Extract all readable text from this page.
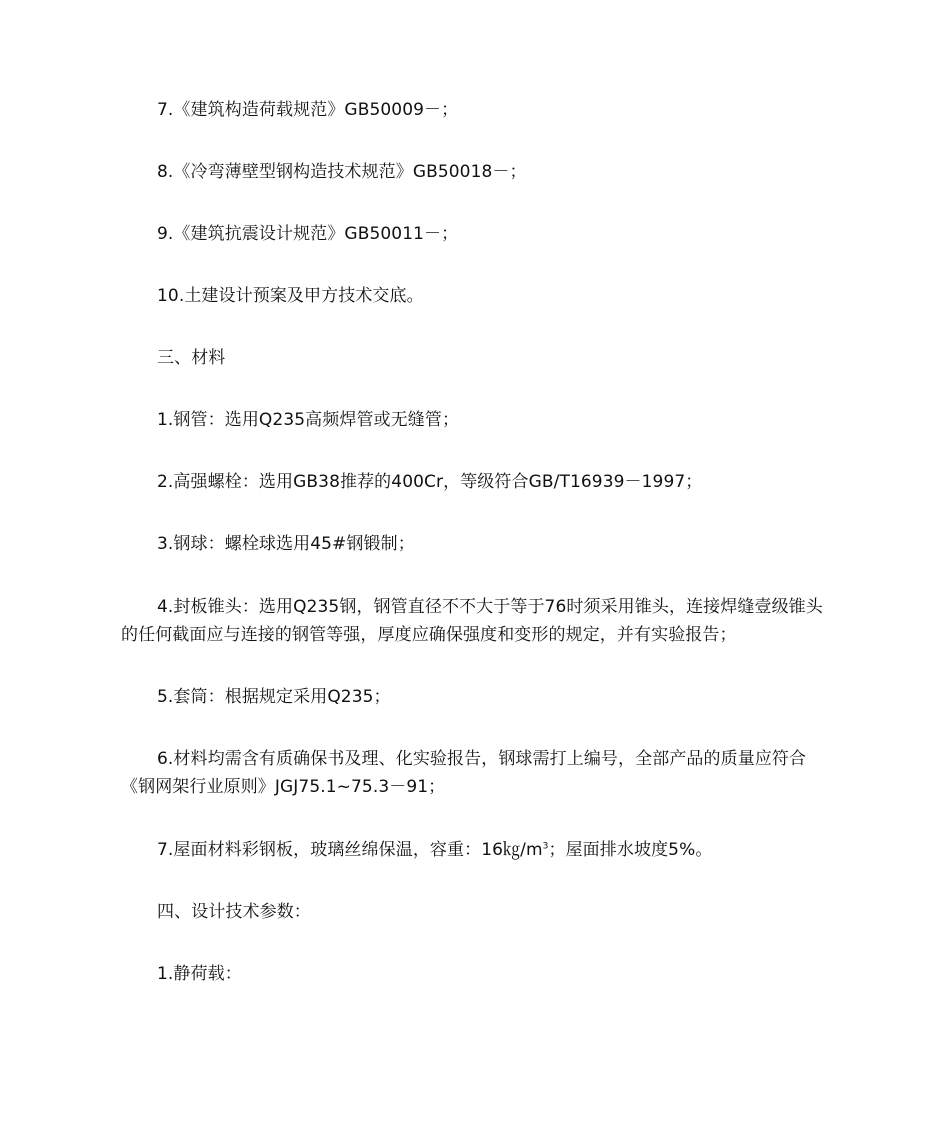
7.《建筑构造荷载规范》GB50009－；
8.《冷弯薄壁型钢构造技术规范》GB50018－；
9.《建筑抗震设计规范》GB50011－；
10.土建设计预案及甲方技术交底。
三、材料
1.钢管：选用Q235高频焊管或无缝管；
2.高强螺栓：选用GB38推荐的400Cr，等级符合GB/T16939－1997；
3.钢球：螺栓球选用45#钢锻制；
4.封板锥头：选用Q235钢，钢管直径不不大于等于76时须采用锥头，连接焊缝壹级锥头的任何截面应与连接的钢管等强，厚度应确保强度和变形的规定，并有实验报告；
5.套筒：根据规定采用Q235；
6.材料均需含有质确保书及理、化实验报告，钢球需打上编号，全部产品的质量应符合《钢网架行业原则》JGJ75.1~75.3－91；
7.屋面材料彩钢板，玻璃丝绵保温，容重：$16㎏/m^3$；屋面排水坡度5%。
四、设计技术参数：
1.静荷载：
